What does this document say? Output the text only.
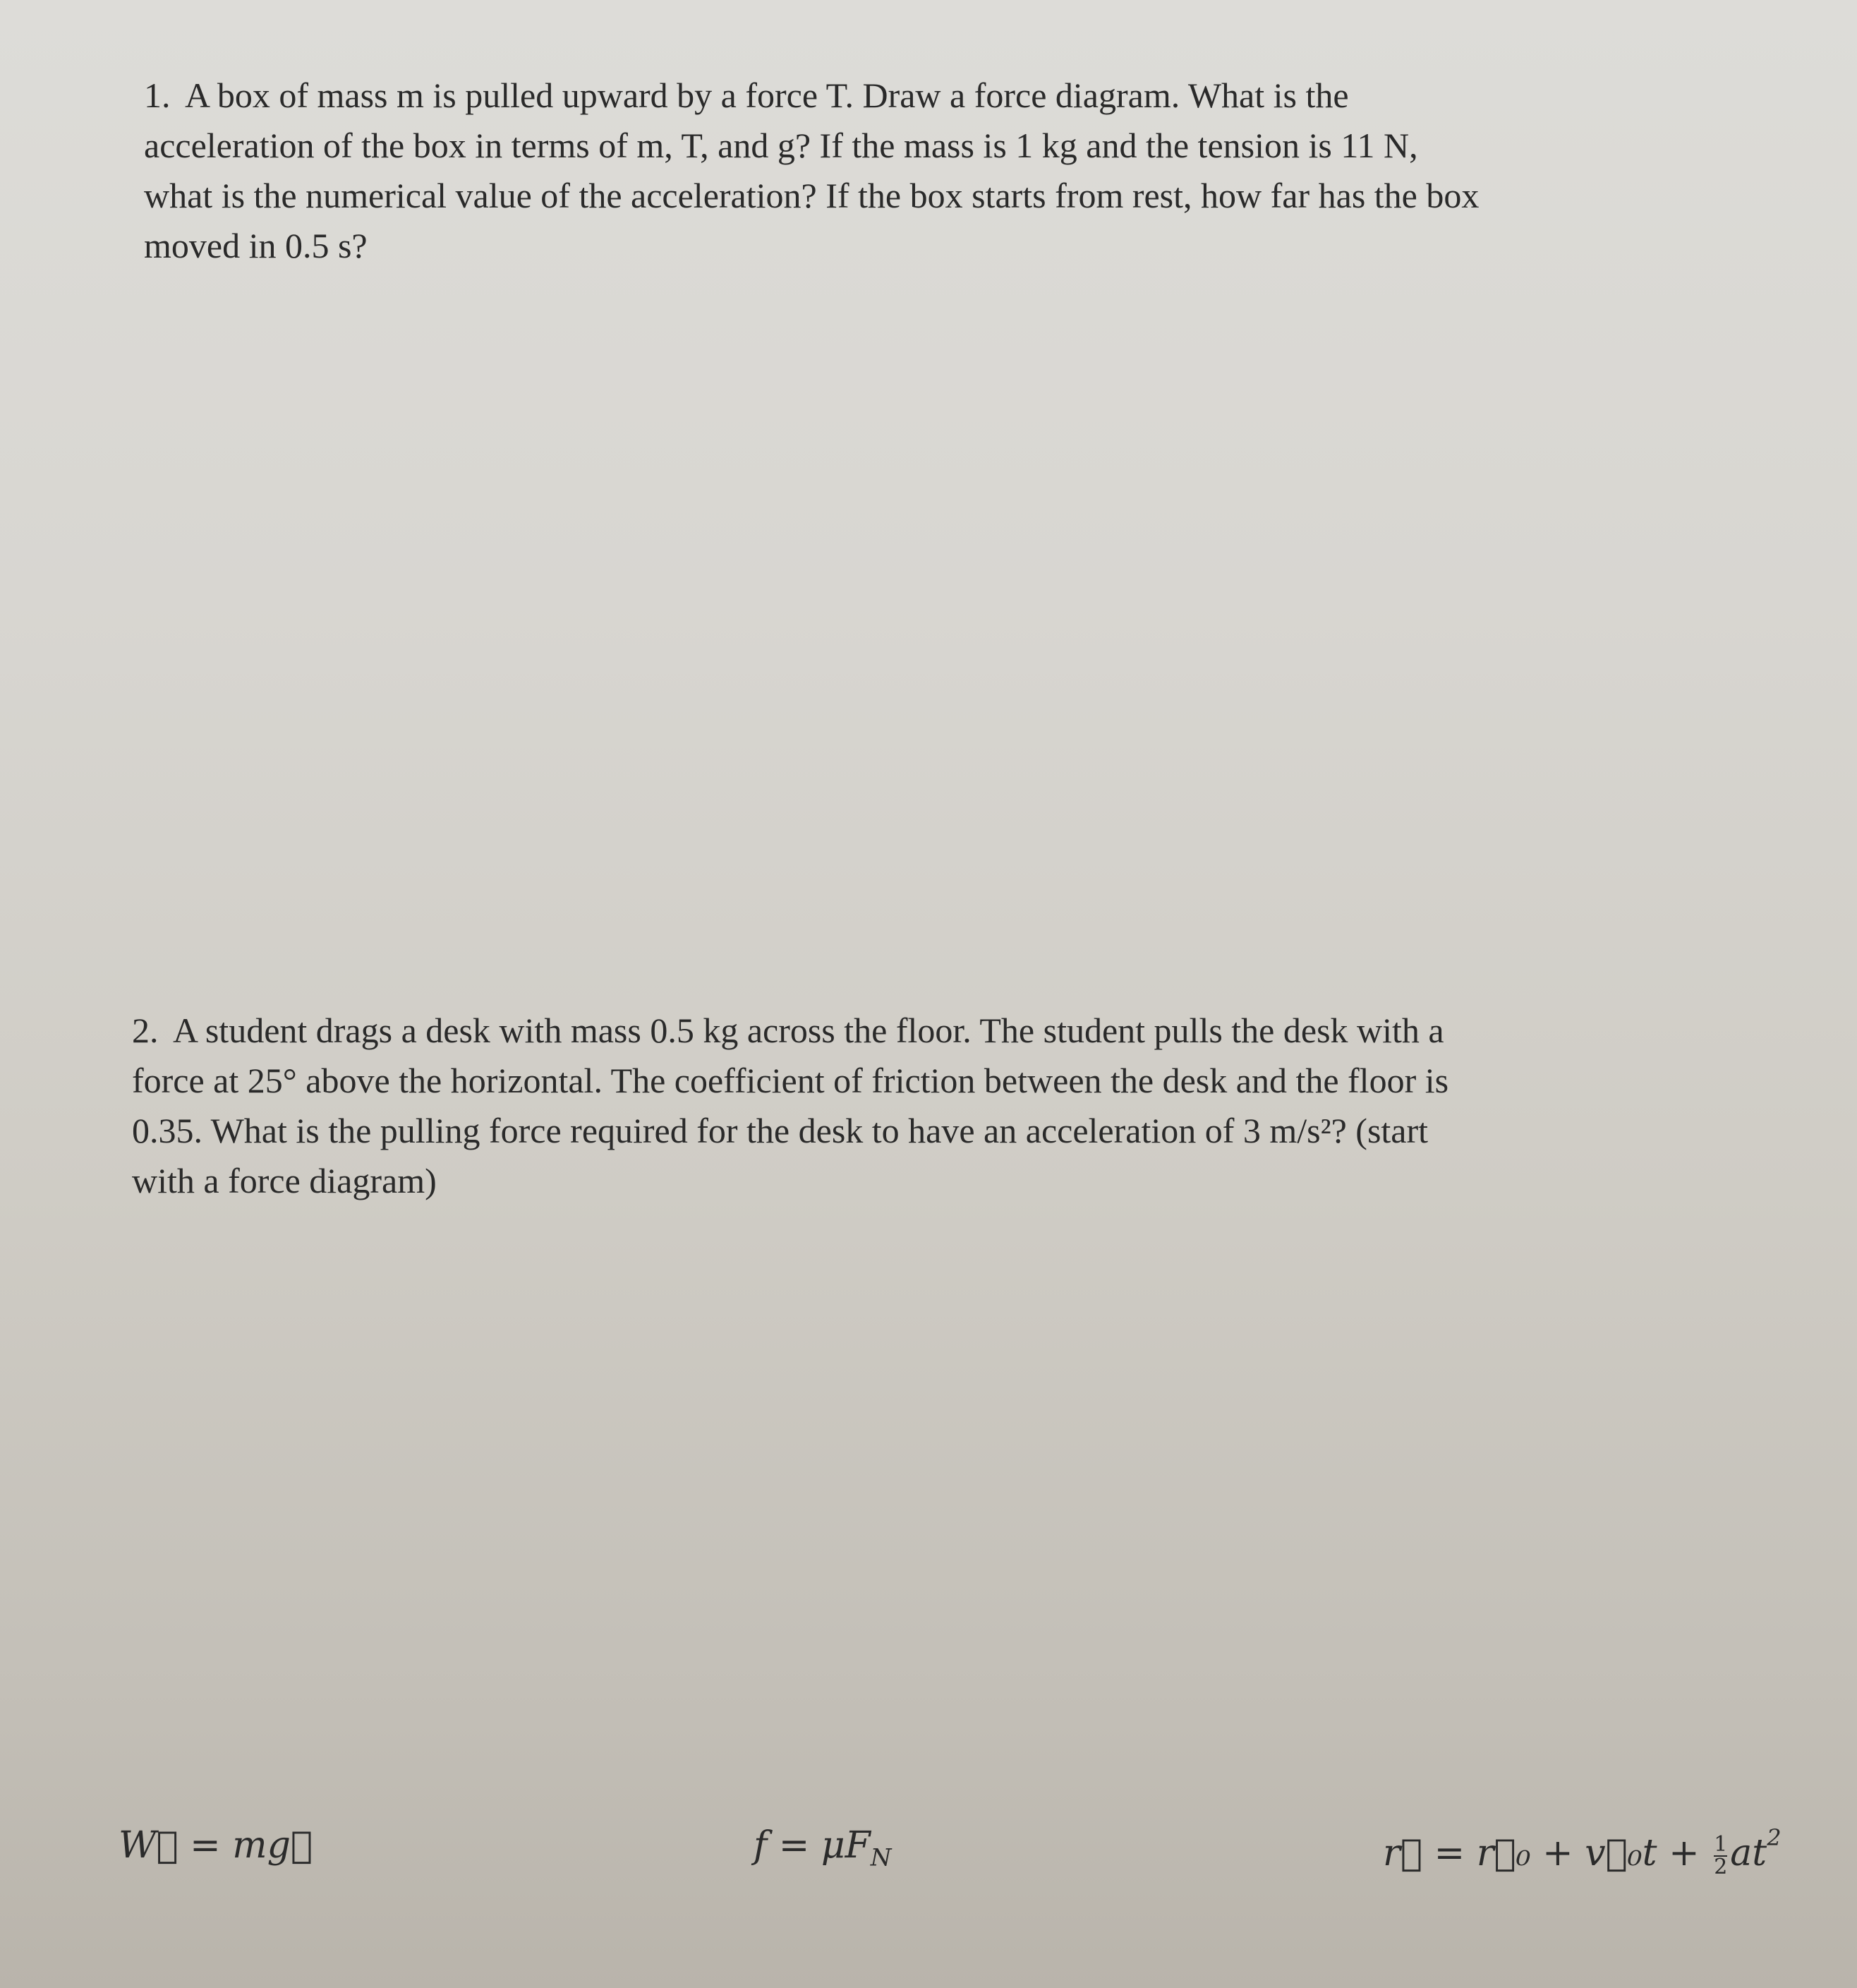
1. A box of mass m is pulled upward by a force T. Draw a force diagram. What is the
acceleration of the box in terms of m, T, and g? If the mass is 1 kg and the tension is 11 N,
what is the numerical value of the acceleration? If the box starts from rest, how far has the box
moved in 0.5 s?
2. A student drags a desk with mass 0.5 kg across the floor. The student pulls the desk with a
force at 25° above the horizontal. The coefficient of friction between the desk and the floor is
0.35. What is the pulling force required for the desk to have an acceleration of 3 m/s²? (start
with a force diagram)
W⃗ = mg⃗	$f = \mu F_N$	r⃗ = r⃗₀ + v⃗₀t + $\frac{1}{2} at^2$
